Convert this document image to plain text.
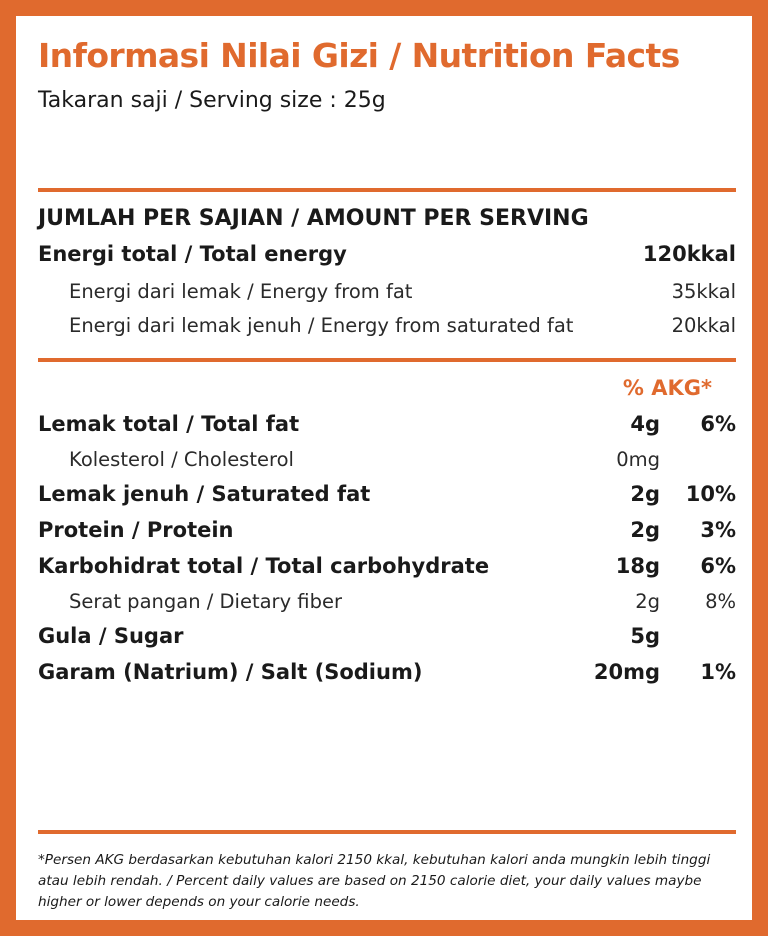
Informasi Nilai Gizi / Nutrition Facts
Takaran saji / Serving size : 25g
JUMLAH PER SAJIAN / AMOUNT PER SERVING
Energi total / Total energy	120kkal
Energi dari lemak / Energy from fat	35kkal
Energi dari lemak jenuh / Energy from saturated fat	20kkal
% AKG*
Lemak total / Total fat	4g 6%
Kolesterol / Cholesterol	0mg
Lemak jenuh / Saturated fat	2g 10%
Protein / Protein	2g 3%
Karbohidrat total / Total carbohydrate	18g 6%
Serat pangan / Dietary fiber	2g 8%
Gula / Sugar	5g
Garam (Natrium) / Salt (Sodium)	20mg 1%
*Persen AKG berdasarkan kebutuhan kalori 2150 kkal, kebutuhan kalori anda mungkin lebih tinggi atau lebih rendah. / Percent daily values are based on 2150 calorie diet, your daily values maybe higher or lower depends on your calorie needs.
